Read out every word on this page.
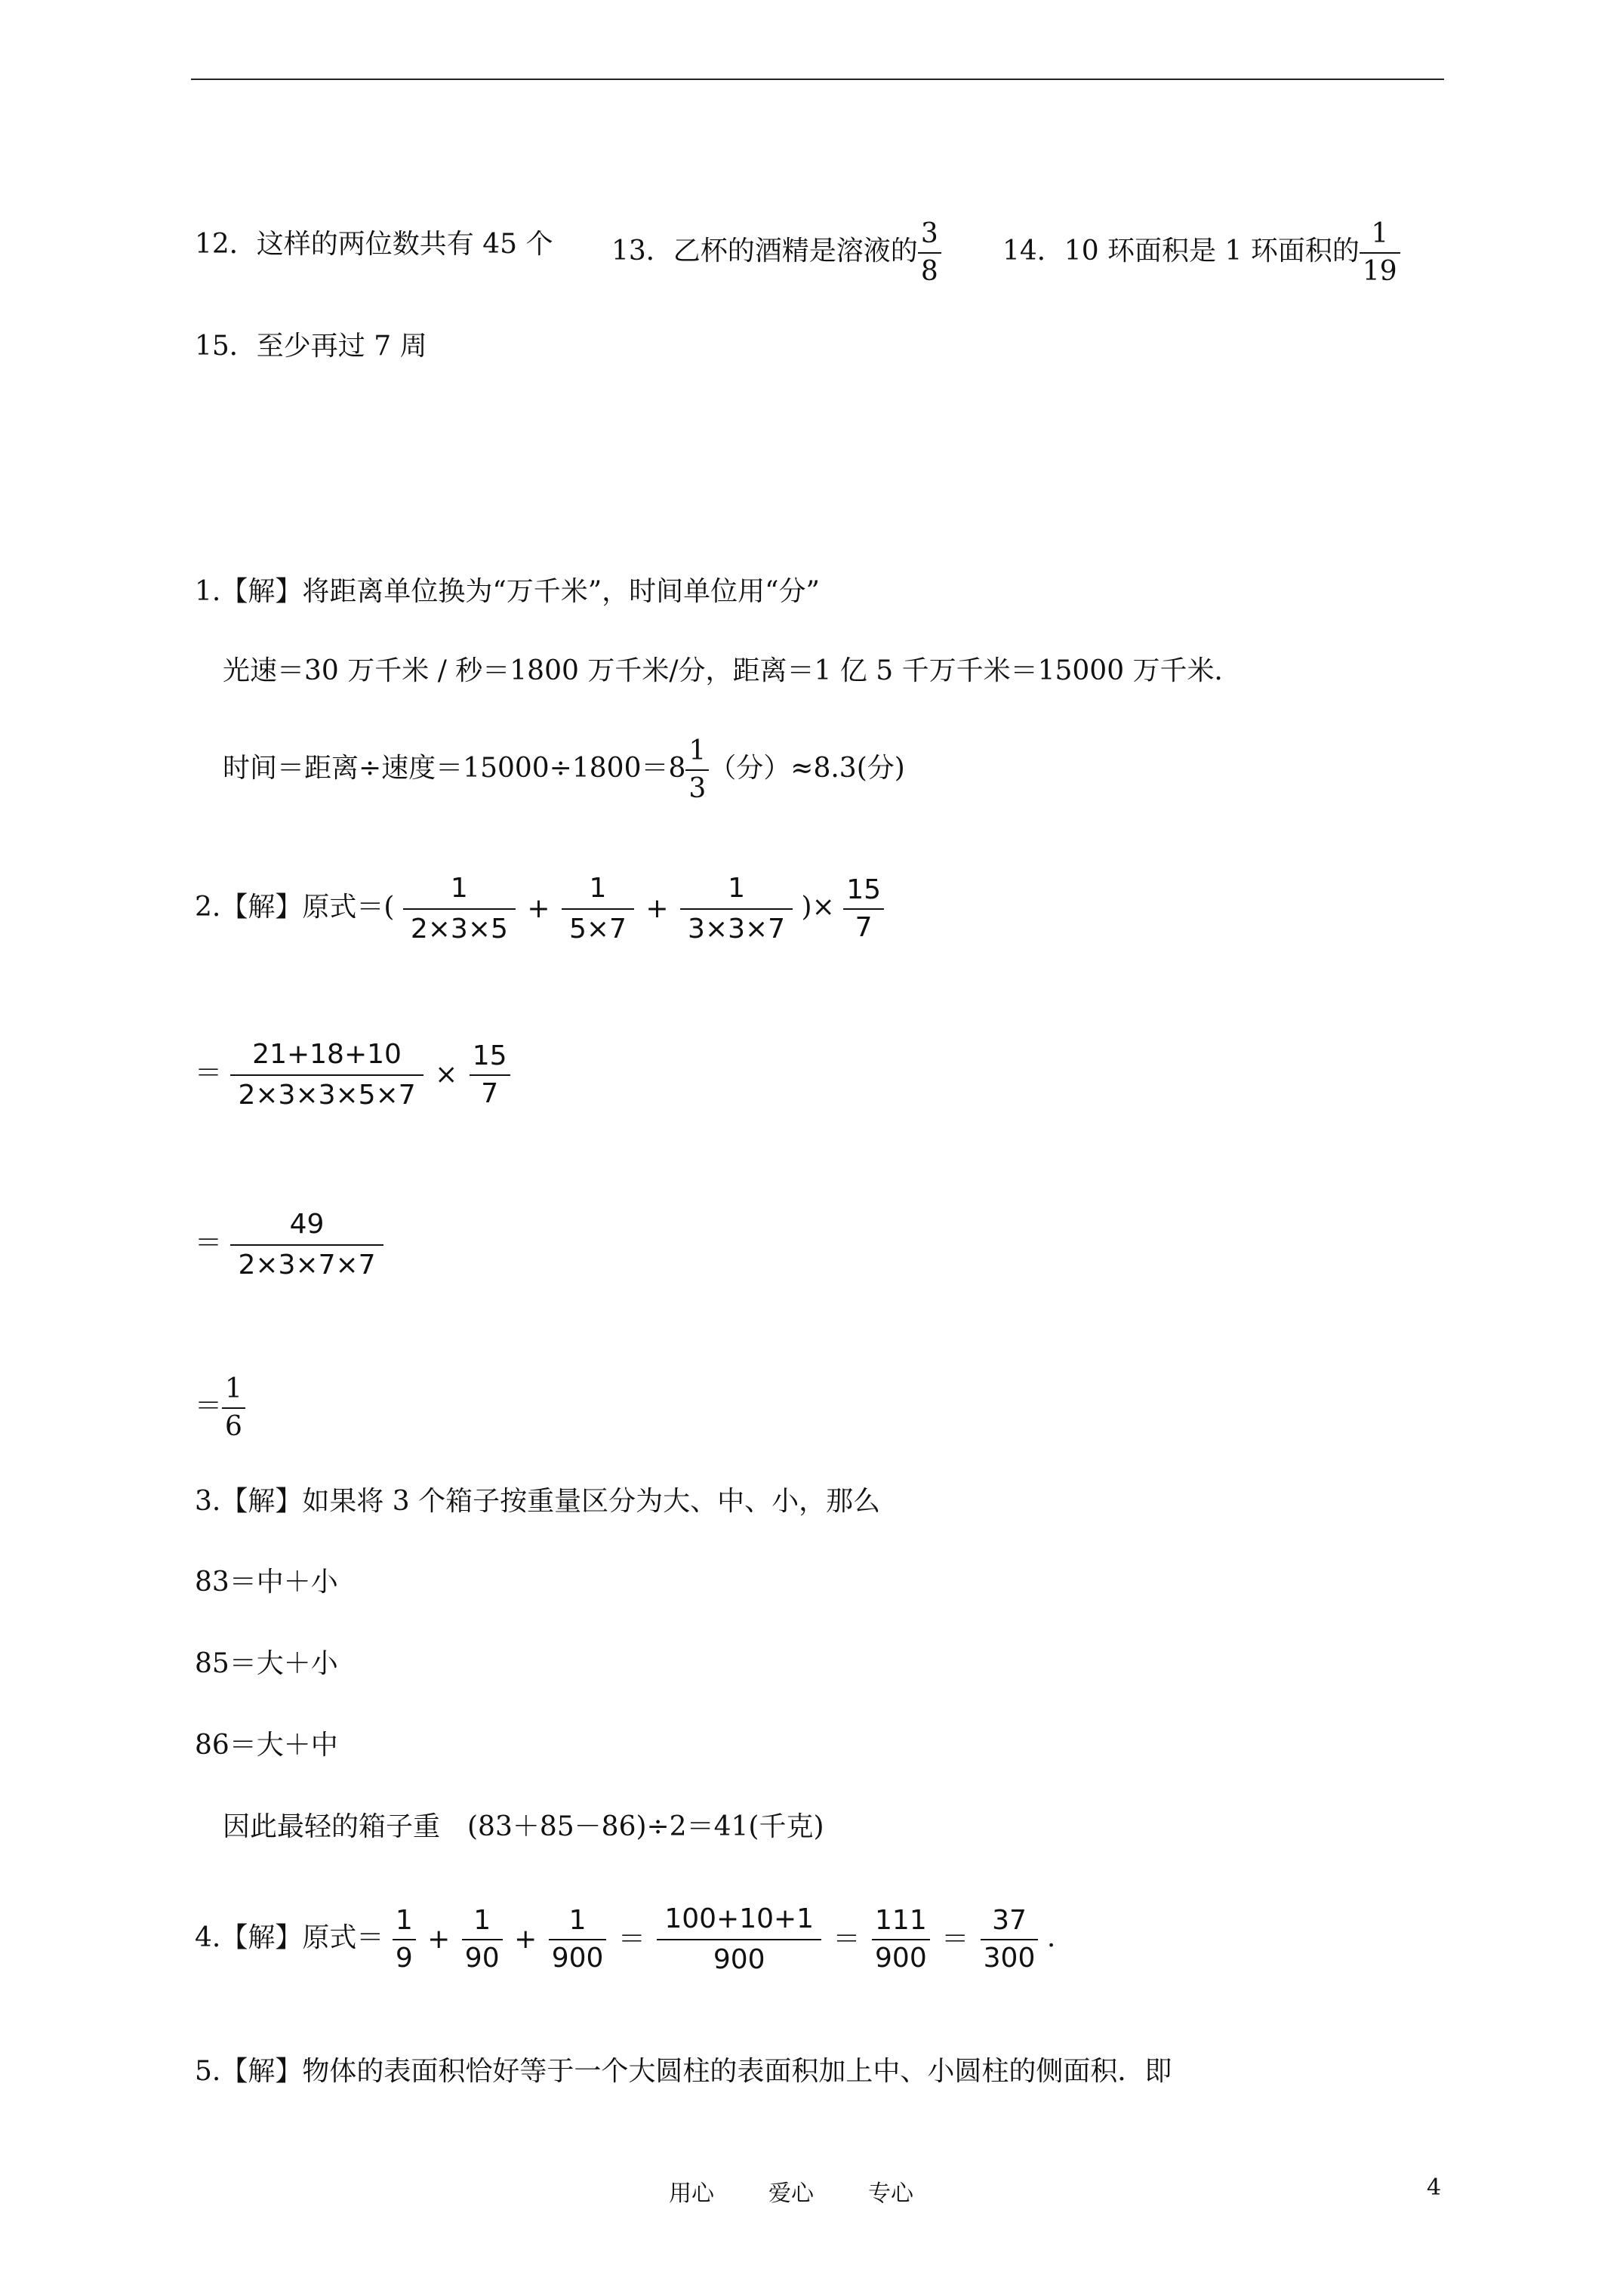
12．这样的两位数共有 45 个 13．乙杯的酒精是溶液的 $\frac{3}{8} 14$．10 环面积是 1 环面积的 $\frac{1}{19}$
15．至少再过 7 周
1.【解】将距离单位换为“万千米”，时间单位用“分”
光速＝30 万千米 / 秒＝1800 万千米/分，距离＝1 亿 5 千万千米＝15000 万千米．
时间＝距离÷速度$=15000\div 1800=8 \frac{1}{3}$ （分）≈8.3(分)
2.【解】原式＝( $\frac{1}{2\times 3\times 5} + \frac{1}{5\times 7} + \frac{1}{3\times 3\times 7}$ )× $\frac{15}{7}$
＝ $\frac{21+18+10}{2\times 3\times 3\times 5\times 7} \times \frac{15}{7}$
＝ $\frac{49}{2\times 3\times 7\times 7}$
＝ $\frac{1}{6}$
3.【解】如果将 3 个箱子按重量区分为大、中、小，那么
83＝中＋小
85＝大＋小
86＝大＋中
因此最轻的箱子重　(83＋85－86)÷2＝41(千克)
4.【解】原式＝ $\frac{1}{9} + \frac{1}{90} + \frac{1}{900} = \frac{100+10+1}{900} = \frac{111}{900} = \frac{37}{300}$ .
5.【解】物体的表面积恰好等于一个大圆柱的表面积加上中、小圆柱的侧面积．即
用心 爱心 专心	4
